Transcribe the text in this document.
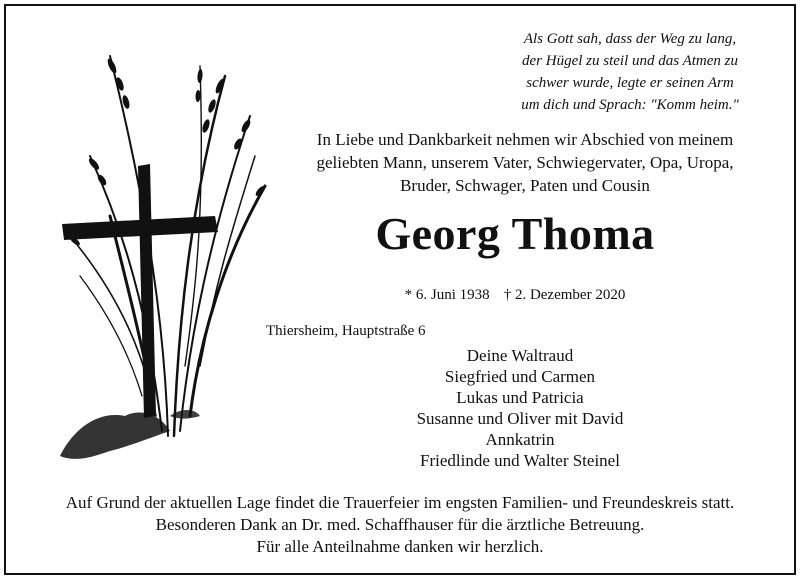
Als Gott sah, dass der Weg zu lang,
der Hügel zu steil und das Atmen zu
schwer wurde, legte er seinen Arm
um dich und Sprach: "Komm heim."
In Liebe und Dankbarkeit nehmen wir Abschied von meinem
geliebten Mann, unserem Vater, Schwiegervater, Opa, Uropa,
Bruder, Schwager, Paten und Cousin
Georg Thoma
* 6. Juni 1938 † 2. Dezember 2020
Thiersheim, Hauptstraße 6
Deine Waltraud
Siegfried und Carmen
Lukas und Patricia
Susanne und Oliver mit David
Annkatrin
Friedlinde und Walter Steinel
Auf Grund der aktuellen Lage findet die Trauerfeier im engsten Familien- und Freundeskreis statt.
Besonderen Dank an Dr. med. Schaffhauser für die ärztliche Betreuung.
Für alle Anteilnahme danken wir herzlich.
